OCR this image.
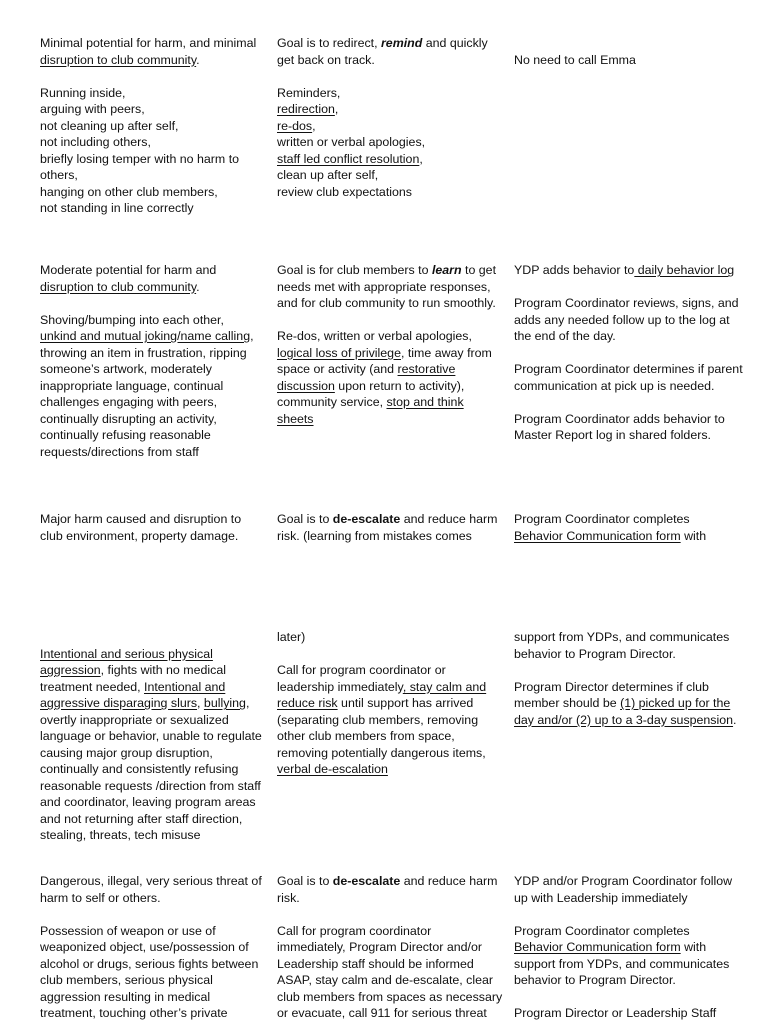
Minimal potential for harm, and minimal disruption to club community.

Running inside,
arguing with peers,
not cleaning up after self,
not including others,
briefly losing temper with no harm to others,
hanging on other club members,
not standing in line correctly
Goal is to redirect, remind and quickly get back on track.

Reminders,
redirection,
re-dos,
written or verbal apologies,
staff led conflict resolution,
clean up after self,
review club expectations

No need to call Emma
Moderate potential for harm and disruption to club community.

Shoving/bumping into each other,
unkind and mutual joking/name calling, throwing an item in frustration, ripping someone’s artwork, moderately inappropriate language, continual challenges engaging with peers, continually disrupting an activity, continually refusing reasonable requests/directions from staff
Goal is for club members to learn to get needs met with appropriate responses, and for club community to run smoothly.

Re-dos, written or verbal apologies,
logical loss of privilege, time away from space or activity (and restorative discussion upon return to activity), community service, stop and think sheets
YDP adds behavior to daily behavior log

Program Coordinator reviews, signs, and adds any needed follow up to the log at the end of the day.

Program Coordinator determines if parent communication at pick up is needed.

Program Coordinator adds behavior to Master Report log in shared folders.
Major harm caused and disruption to club environment, property damage.
Goal is to de-escalate and reduce harm risk. (learning from mistakes comes
Program Coordinator completes
Behavior Communication form with

Intentional and serious physical aggression, fights with no medical treatment needed, Intentional and aggressive disparaging slurs, bullying, overtly inappropriate or sexualized language or behavior, unable to regulate causing major group disruption, continually and consistently refusing reasonable requests /direction from staff and coordinator, leaving program areas and not returning after staff direction, stealing, threats, tech misuse
later)

Call for program coordinator or leadership immediately, stay calm and reduce risk until support has arrived (separating club members, removing other club members from space, removing potentially dangerous items, verbal de-escalation
support from YDPs, and communicates behavior to Program Director.

Program Director determines if club member should be (1) picked up for the day and/or (2) up to a 3-day suspension.
Dangerous, illegal, very serious threat of harm to self or others.

Possession of weapon or use of weaponized object, use/possession of alcohol or drugs, serious fights between club members, serious physical aggression resulting in medical treatment, touching other’s private
Goal is to de-escalate and reduce harm risk.

Call for program coordinator immediately, Program Director and/or Leadership staff should be informed ASAP, stay calm and de-escalate, clear club members from spaces as necessary or evacuate, call 911 for serious threat
YDP and/or Program Coordinator follow up with Leadership immediately

Program Coordinator completes
Behavior Communication form with support from YDPs, and communicates behavior to Program Director.

Program Director or Leadership Staff
